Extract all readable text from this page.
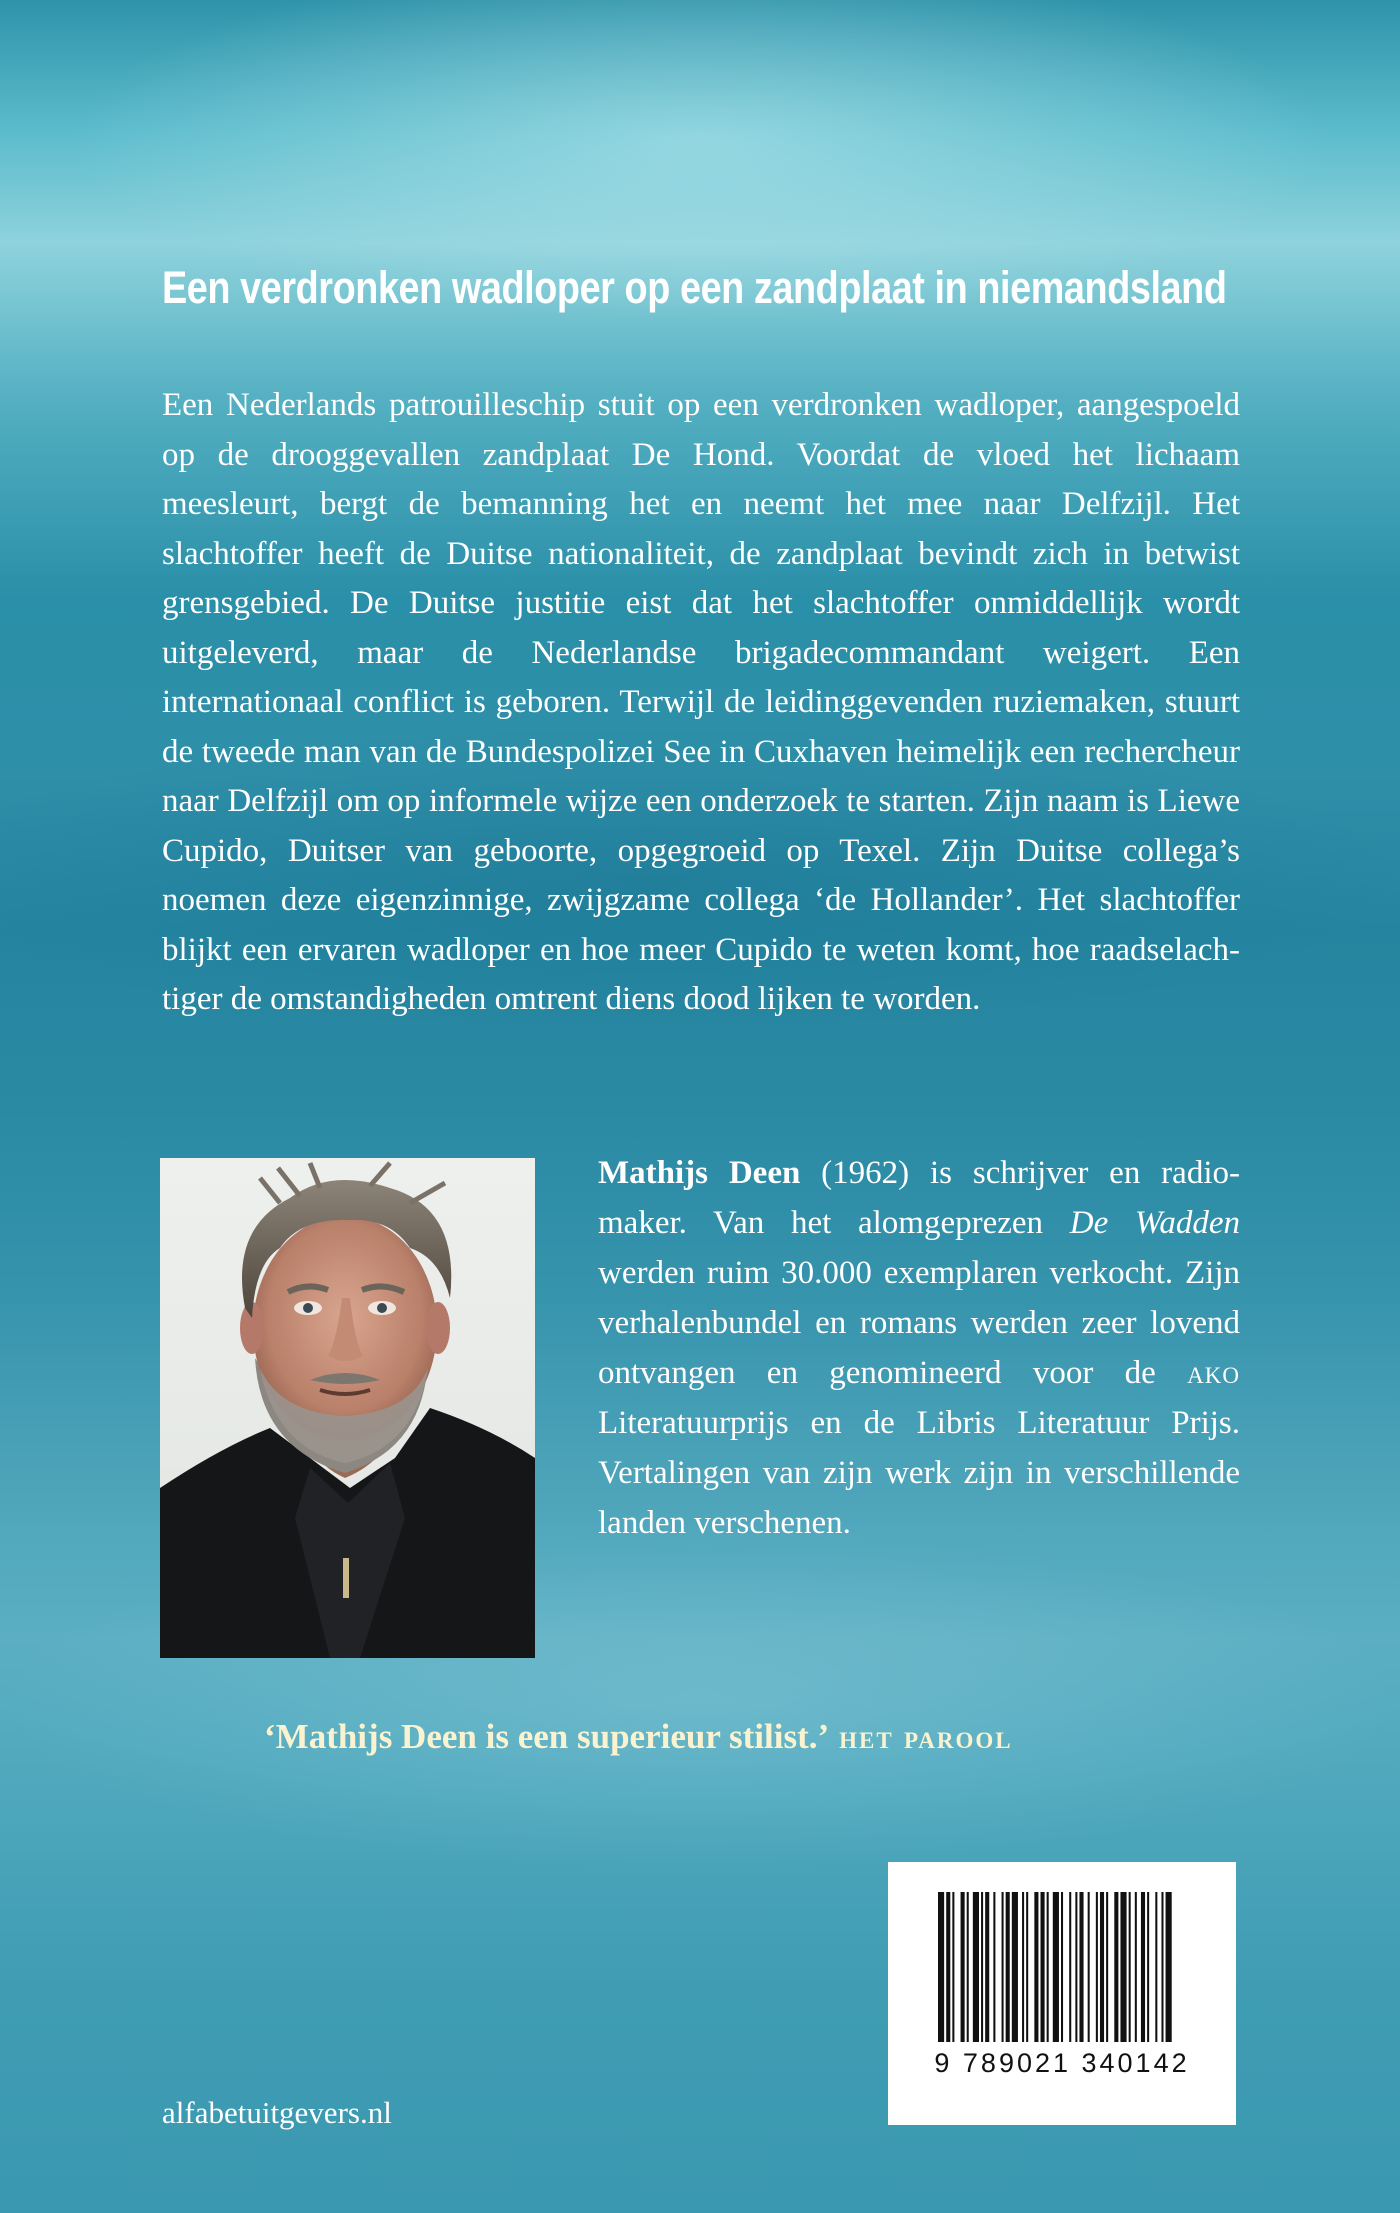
Een verdronken wadloper op een zandplaat in niemandsland

Een Nederlands patrouilleschip stuit op een verdronken wadloper, aangespoeld op de drooggevallen zandplaat De Hond. Voordat de vloed het lichaam meesleurt, bergt de bemanning het en neemt het mee naar Delfzijl. Het slachtoffer heeft de Duitse nationaliteit, de zandplaat bevindt zich in betwist grensgebied. De Duitse justitie eist dat het slachtoffer onmiddellijk wordt uitgeleverd, maar de Nederlandse brigadecommandant weigert. Een internationaal conflict is geboren. Terwijl de leidinggevenden ruziemaken, stuurt de tweede man van de Bundespolizei See in Cuxhaven heimelijk een rechercheur naar Delfzijl om op informele wijze een onderzoek te starten. Zijn naam is Liewe Cupido, Duitser van geboorte, opgegroeid op Texel. Zijn Duitse collega’s noemen deze eigenzinnige, zwijgzame collega ‘de Hollander’. Het slachtoffer blijkt een ervaren wadloper en hoe meer Cupido te weten komt, hoe raadselachtiger de omstandigheden omtrent diens dood lijken te worden.

Mathijs Deen (1962) is schrijver en radiomaker. Van het alomgeprezen De Wadden werden ruim 30.000 exemplaren verkocht. Zijn verhalenbundel en romans werden zeer lovend ontvangen en genomineerd voor de ako Literatuurprijs en de Libris Literatuur Prijs. Vertalingen van zijn werk zijn in verschillende landen verschenen.

‘Mathijs Deen is een superieur stilist.’ het parool

9 789021 340142

alfabetuitgevers.nl
